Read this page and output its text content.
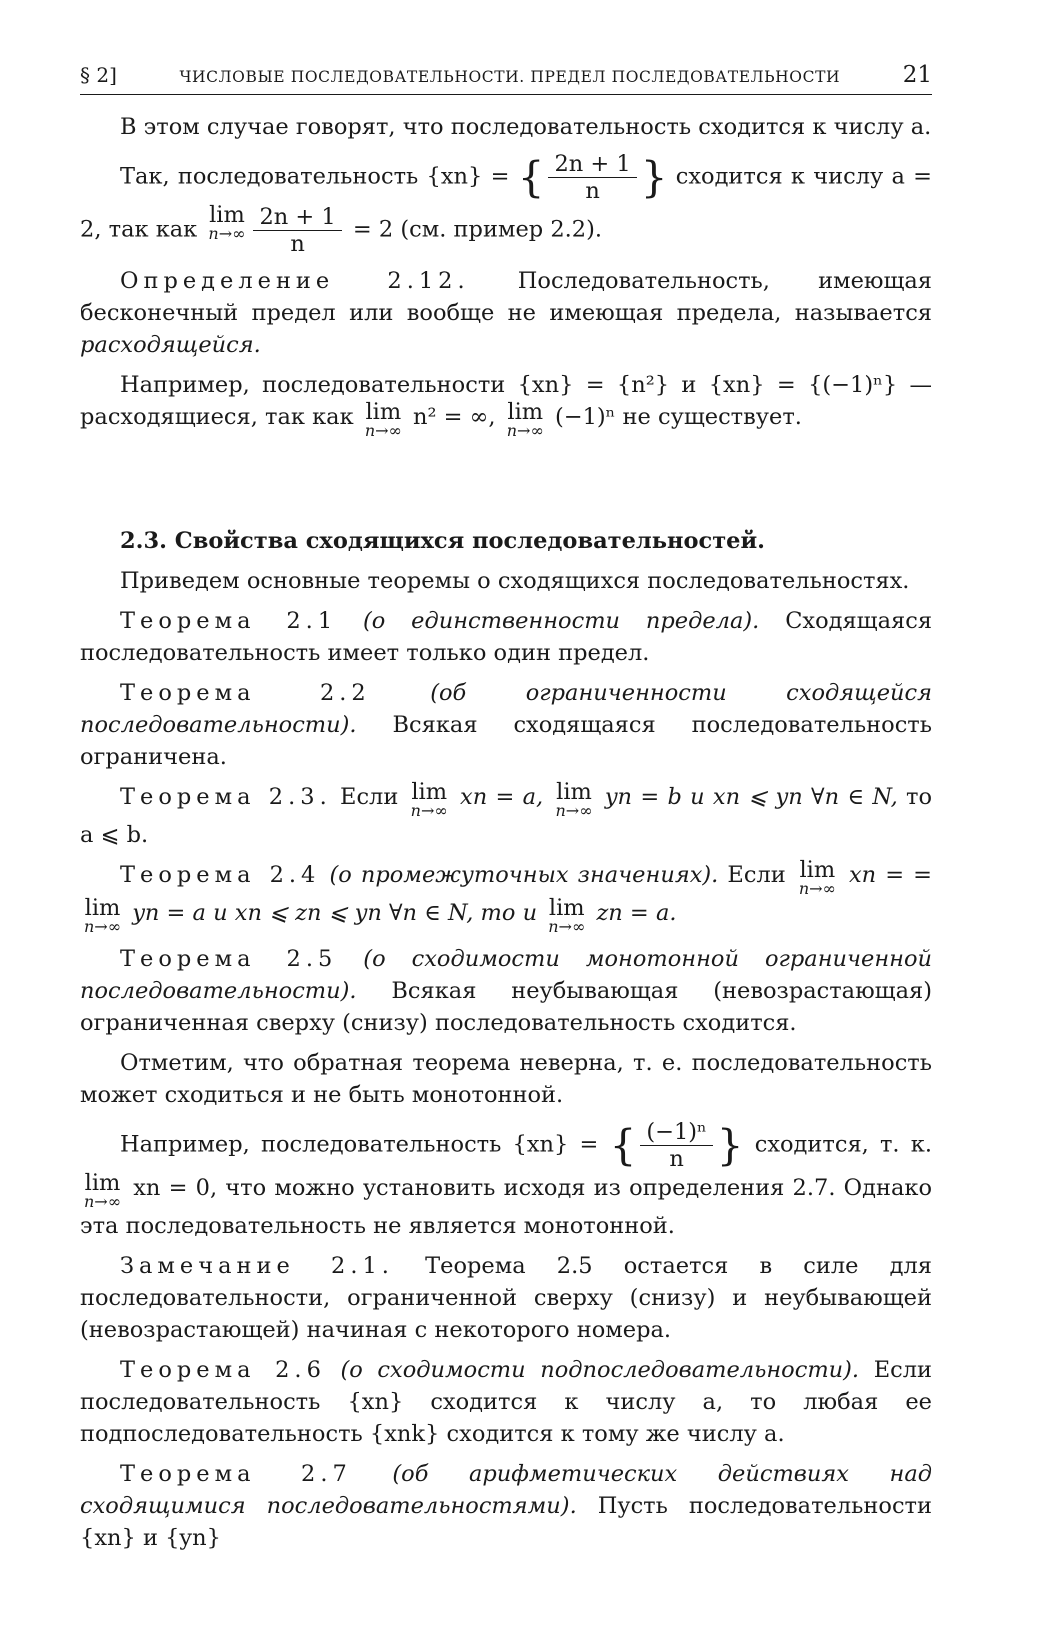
§ 2]	ЧИСЛОВЫЕ ПОСЛЕДОВАТЕЛЬНОСТИ. ПРЕДЕЛ ПОСЛЕДОВАТЕЛЬНОСТИ	21

В этом случае говорят, что последовательность сходится к числу a.

Так, последовательность {xn} = { $\frac{2n + 1}{n}$ } сходится к числу a = 2, так как lim
$n\to\infty \frac{2n + 1}{n} = 2$ (см. пример 2.2).

Определение 2.12. Последовательность, имеющая бесконечный предел или вообще не имеющая предела, называется расходящейся.

Например, последовательности {xn} = {n²} и {xn} = {(−1)ⁿ} — расходящиеся, так как lim
n→∞
n² = ∞, lim
n→∞
(−1)ⁿ не существует.

2.3. Свойства сходящихся последовательностей.

Приведем основные теоремы о сходящихся последовательностях.

Теорема 2.1 (о единственности предела). Сходящаяся последовательность имеет только один предел.

Теорема 2.2	(об ограниченности сходящейся последовательности). Всякая сходящаяся последовательность ограничена.

Теорема 2.3. Если lim
n→∞
xn = a, lim
n→∞
yn = b и xn ⩽ yn ∀n ∈ N, то a ⩽ b.

Теорема 2.4 (о промежуточных значениях). Если lim
n→∞
xn = = lim
n→∞
yn = a и xn ⩽ zn ⩽ yn ∀n ∈ N, то и lim
n→∞
zn = a.

Теорема 2.5 (о сходимости монотонной ограниченной последовательности). Всякая неубывающая (невозрастающая) ограниченная сверху (снизу) последовательность сходится.

Отметим, что обратная теорема неверна, т. е. последовательность может сходиться и не быть монотонной.

Например, последовательность {xn} = { $\frac{\text{(−1)ⁿ}}{n}$ } сходится, т. к. lim
n→∞
xn = 0, что можно установить исходя из определения 2.7. Однако эта последовательность не является монотонной.

Замечание 2.1. Теорема 2.5 остается в силе для последовательности, ограниченной сверху (снизу) и неубывающей (невозрастающей) начиная с некоторого номера.

Теорема 2.6 (о сходимости подпоследовательности). Если последовательность {xn} сходится к числу a, то любая ее подпоследовательность {xnk} сходится к тому же числу a.

Теорема 2.7 (об арифметических действиях над сходящимися последовательностями). Пусть последовательности {xn} и {yn}
